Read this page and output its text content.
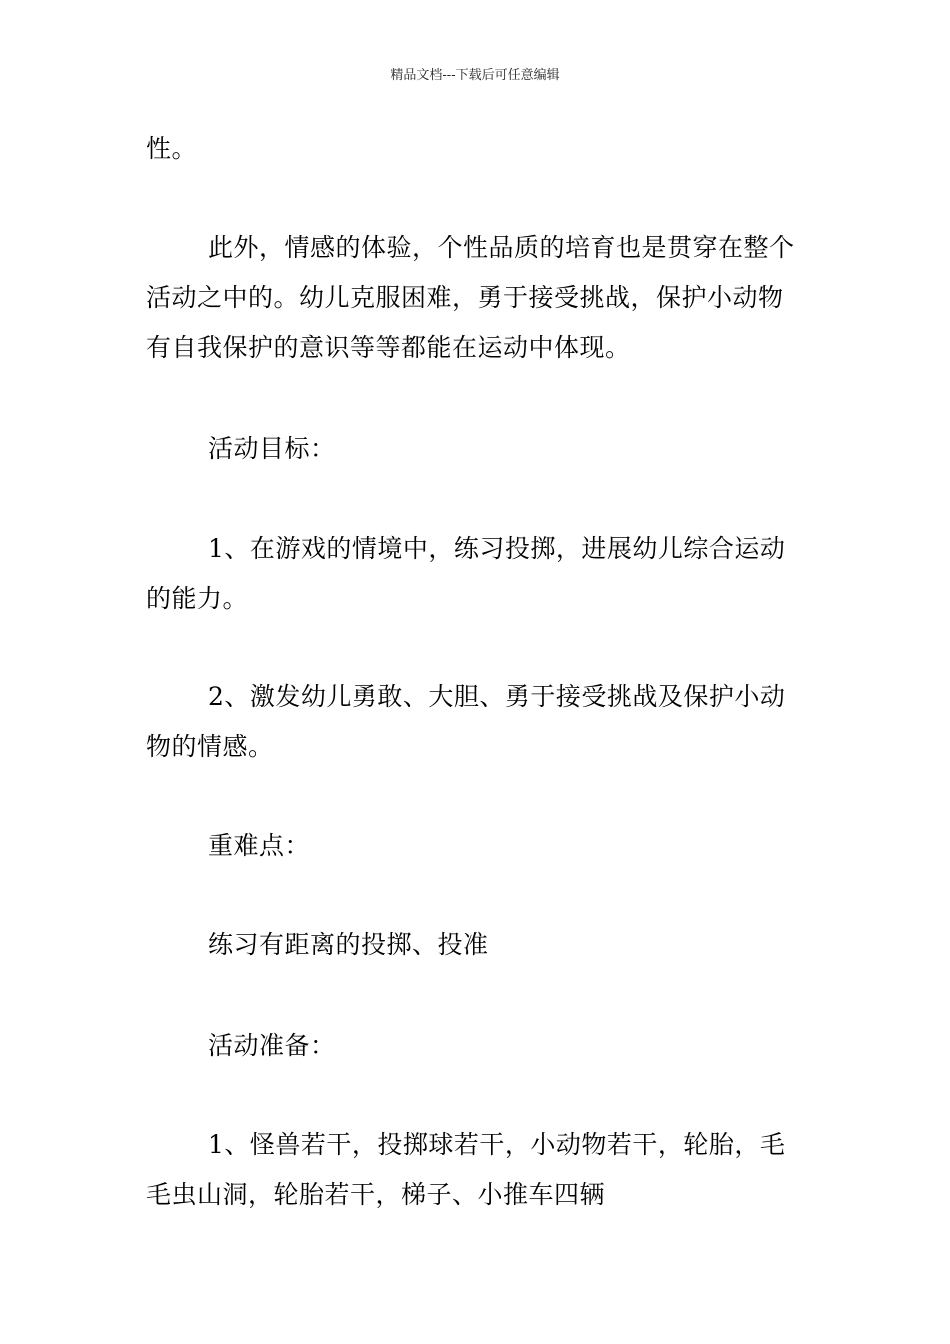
精品文档---下载后可任意编辑
性。
此外，情感的体验，个性品质的培育也是贯穿在整个
活动之中的。幼儿克服困难，勇于接受挑战，保护小动物
有自我保护的意识等等都能在运动中体现。
活动目标：
1、在游戏的情境中，练习投掷，进展幼儿综合运动
的能力。
2、激发幼儿勇敢、大胆、勇于接受挑战及保护小动
物的情感。
重难点：
练习有距离的投掷、投准
活动准备：
1、怪兽若干，投掷球若干，小动物若干，轮胎，毛
毛虫山洞，轮胎若干，梯子、小推车四辆
